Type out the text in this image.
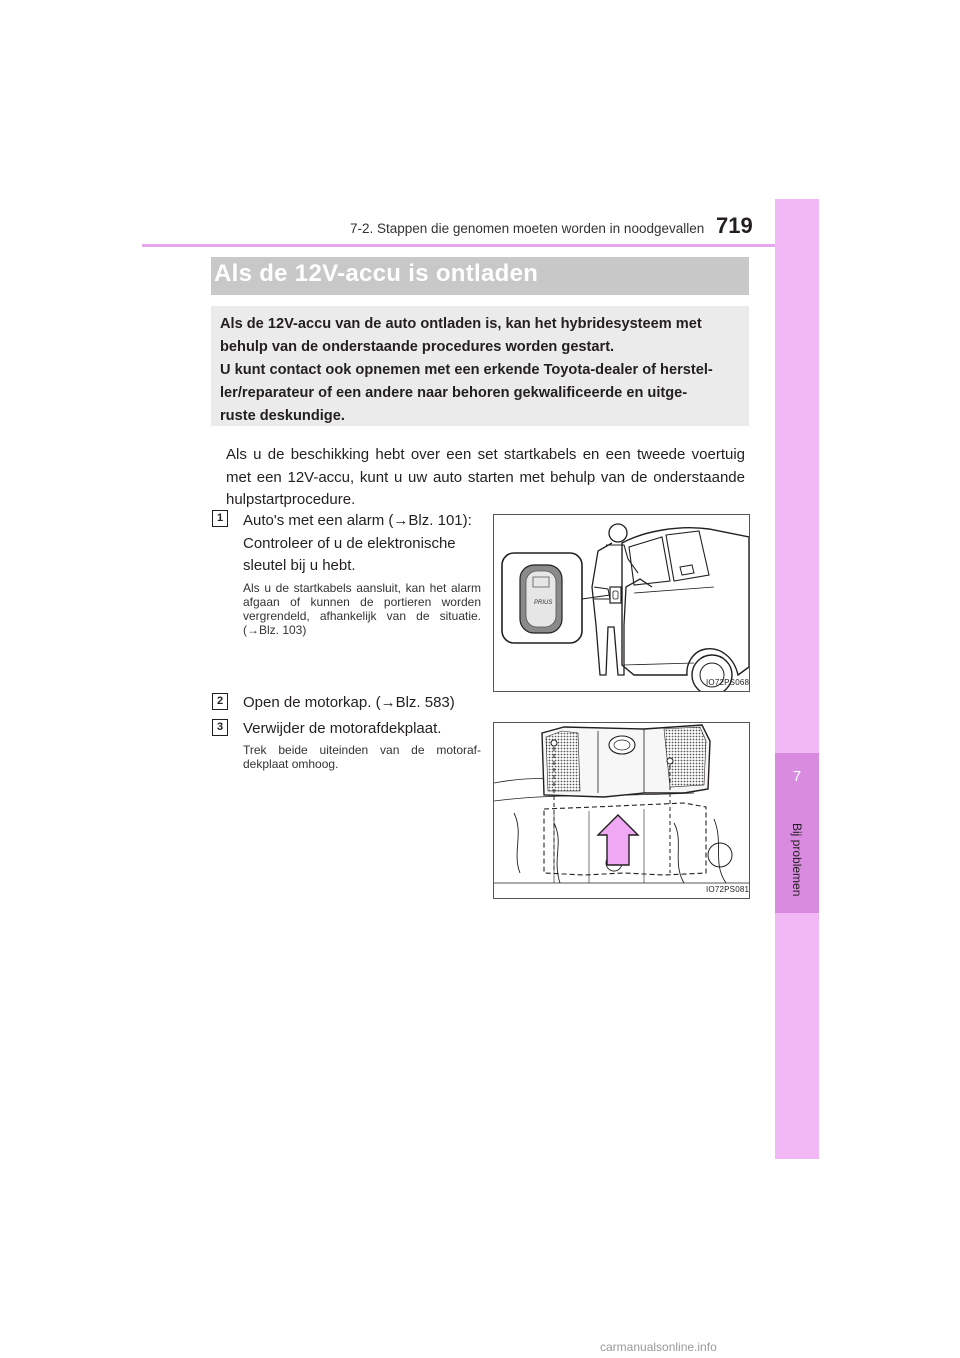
7-2. Stappen die genomen moeten worden in noodgevallen 719
7
Bij problemen
Als de 12V-accu is ontladen
Als de 12V-accu van de auto ontladen is, kan het hybridesysteem met
behulp van de onderstaande procedures worden gestart.
U kunt contact ook opnemen met een erkende Toyota-dealer of herstel-
ler/reparateur of een andere naar behoren gekwalificeerde en uitge-
ruste deskundige.
Als u de beschikking hebt over een set startkabels en een tweede voertuig met een 12V-accu, kunt u uw auto starten met behulp van de onderstaande hulpstartprocedure.
1	Auto's met een alarm (→Blz. 101):
Controleer of u de elektronische
sleutel bij u hebt.
Als u de startkabels aansluit, kan het alarm afgaan of kunnen de portieren worden vergrendeld, afhankelijk van de situatie. (→Blz. 103)
PRIUS
IO72PS068
2	Open de motorkap. (→Blz. 583)
3	Verwijder de motorafdekplaat.
Trek beide uiteinden van de motoraf-dekplaat omhoog.
IO72PS081
carmanualsonline.info
